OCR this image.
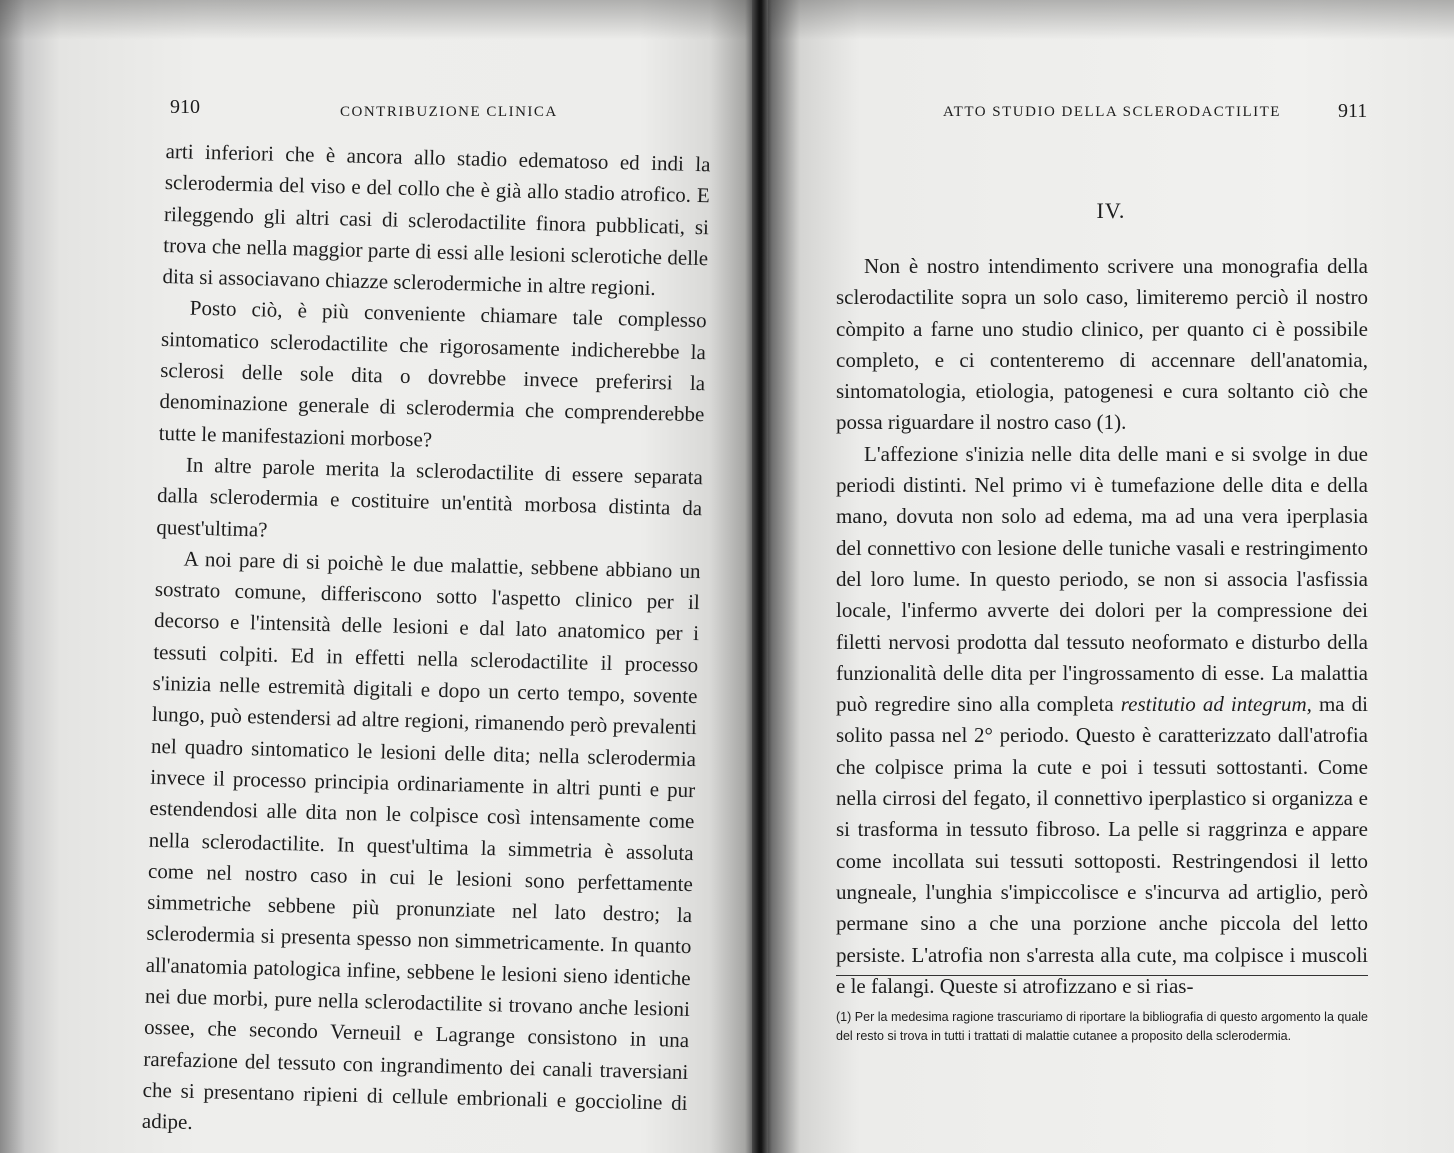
910	CONTRIBUZIONE CLINICA

arti inferiori che è ancora allo stadio edematoso ed indi la sclerodermia del viso e del collo che è già allo stadio atrofico. E rileggendo gli altri casi di sclerodactilite finora pubblicati, si trova che nella maggior parte di essi alle lesioni sclerotiche delle dita si associavano chiazze sclerodermiche in altre regioni.

Posto ciò, è più conveniente chiamare tale complesso sintomatico sclerodactilite che rigorosamente indicherebbe la sclerosi delle sole dita o dovrebbe invece preferirsi la denominazione generale di sclerodermia che comprenderebbe tutte le manifestazioni morbose?

In altre parole merita la sclerodactilite di essere separata dalla sclerodermia e costituire un'entità morbosa distinta da quest'ultima?

A noi pare di si poichè le due malattie, sebbene abbiano un sostrato comune, differiscono sotto l'aspetto clinico per il decorso e l'intensità delle lesioni e dal lato anatomico per i tessuti colpiti. Ed in effetti nella sclerodactilite il processo s'inizia nelle estremità digitali e dopo un certo tempo, sovente lungo, può estendersi ad altre regioni, rimanendo però prevalenti nel quadro sintomatico le lesioni delle dita; nella sclerodermia invece il processo principia ordinariamente in altri punti e pur estendendosi alle dita non le colpisce così intensamente come nella sclerodactilite. In quest'ultima la simmetria è assoluta come nel nostro caso in cui le lesioni sono perfettamente simmetriche sebbene più pronunziate nel lato destro; la sclerodermia si presenta spesso non simmetricamente. In quanto all'anatomia patologica infine, sebbene le lesioni sieno identiche nei due morbi, pure nella sclerodactilite si trovano anche lesioni ossee, che secondo Verneuil e Lagrange consistono in una rarefazione del tessuto con ingrandimento dei canali traversiani che si presentano ripieni di cellule embrionali e goccioline di adipe.

ATTO STUDIO DELLA SCLERODACTILITE	911
IV.

Non è nostro intendimento scrivere una monografia della sclerodactilite sopra un solo caso, limiteremo perciò il nostro còmpito a farne uno studio clinico, per quanto ci è possibile completo, e ci contenteremo di accennare dell'anatomia, sintomatologia, etiologia, patogenesi e cura soltanto ciò che possa riguardare il nostro caso (1).

L'affezione s'inizia nelle dita delle mani e si svolge in due periodi distinti. Nel primo vi è tumefazione delle dita e della mano, dovuta non solo ad edema, ma ad una vera iperplasia del connettivo con lesione delle tuniche vasali e restringimento del loro lume. In questo periodo, se non si associa l'asfissia locale, l'infermo avverte dei dolori per la compressione dei filetti nervosi prodotta dal tessuto neoformato e disturbo della funzionalità delle dita per l'ingrossamento di esse. La malattia può regredire sino alla completa restitutio ad integrum, ma di solito passa nel 2° periodo. Questo è caratterizzato dall'atrofia che colpisce prima la cute e poi i tessuti sottostanti. Come nella cirrosi del fegato, il connettivo iperplastico si organizza e si trasforma in tessuto fibroso. La pelle si raggrinza e appare come incollata sui tessuti sottoposti. Restringendosi il letto ungneale, l'unghia s'impiccolisce e s'incurva ad artiglio, però permane sino a che una porzione anche piccola del letto persiste. L'atrofia non s'arresta alla cute, ma colpisce i muscoli e le falangi. Queste si atrofizzano e si rias-

(1) Per la medesima ragione trascuriamo di riportare la bibliografia di questo argomento la quale del resto si trova in tutti i trattati di malattie cutanee a proposito della sclerodermia.
